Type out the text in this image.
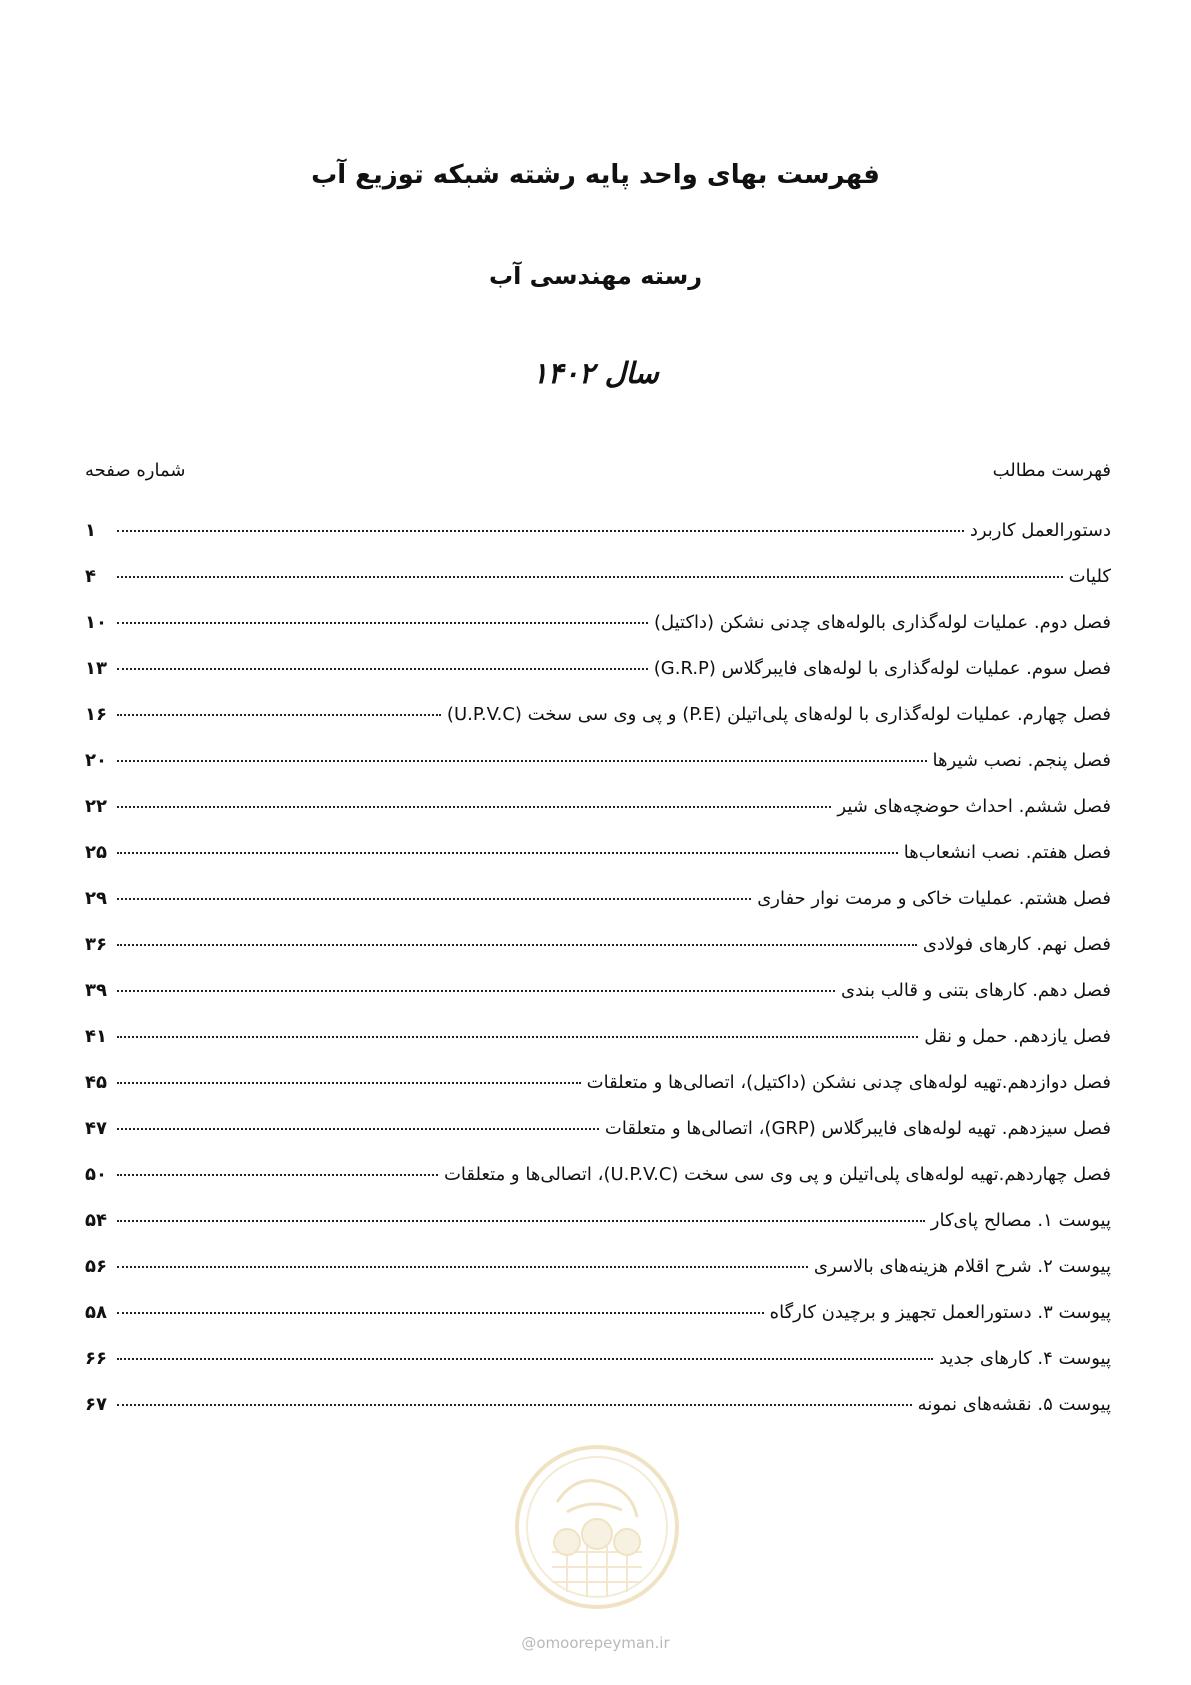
فهرست بهای واحد پایه رشته شبکه توزیع آب
رسته مهندسی آب
سال ۱۴۰۲
فهرست مطالب
شماره صفحه
دستورالعمل کاربرد
۱
کلیات
۴
فصل دوم. عملیات لوله‌گذاری بالوله‌های چدنی نشکن (داکتیل)
۱۰
فصل سوم. عملیات لوله‌گذاری با لوله‌های فایبرگلاس (G.R.P)
۱۳
فصل چهارم. عملیات لوله‌گذاری با لوله‌های پلی‌اتیلن (P.E) و پی وی سی سخت (U.P.V.C)
۱۶
فصل پنجم. نصب شیرها
۲۰
فصل ششم. احداث حوضچه‌های شیر
۲۲
فصل هفتم. نصب انشعاب‌ها
۲۵
فصل هشتم. عملیات خاکی و مرمت نوار حفاری
۲۹
فصل نهم. کارهای فولادی
۳۶
فصل دهم. کارهای بتنی و قالب بندی
۳۹
فصل یازدهم. حمل و نقل
۴۱
فصل دوازدهم.تهیه لوله‌های چدنی نشکن (داکتیل)، اتصالی‌ها و متعلقات
۴۵
فصل سیزدهم. تهیه لوله‌های فایبرگلاس (GRP)، اتصالی‌ها و متعلقات
۴۷
فصل چهاردهم.تهیه لوله‌های پلی‌اتیلن و پی وی سی سخت (U.P.V.C)، اتصالی‌ها و متعلقات
۵۰
پیوست ۱. مصالح پای‌کار
۵۴
پیوست ۲. شرح اقلام هزینه‌های بالاسری
۵۶
پیوست ۳. دستورالعمل تجهیز و برچیدن کارگاه
۵۸
پیوست ۴. کارهای جدید
۶۶
پیوست ۵. نقشه‌های نمونه
۶۷
@omoorepeyman.ir
